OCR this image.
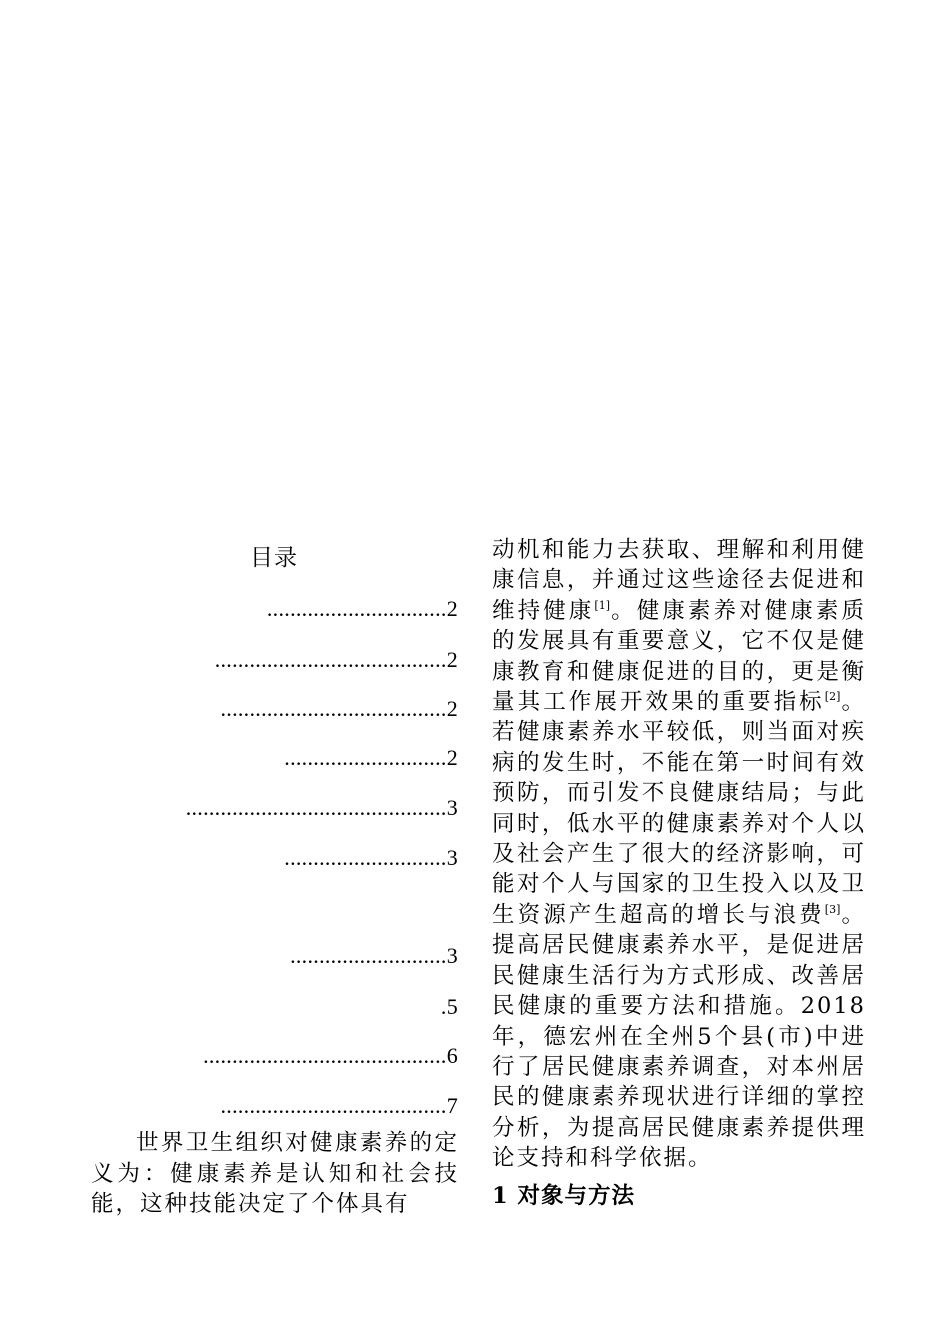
目录
...............................2
........................................2
.......................................2
............................2
.............................................3
............................3
...........................3
.5
..........................................6
.......................................7
世界卫生组织对健康素养的定义为：健康素养是认知和社会技能，这种技能决定了个体具有
动机和能力去获取、理解和利用健康信息，并通过这些途径去促进和维持健康[1]。健康素养对健康素质的发展具有重要意义，它不仅是健康教育和健康促进的目的，更是衡量其工作展开效果的重要指标[2]。若健康素养水平较低，则当面对疾病的发生时，不能在第一时间有效预防，而引发不良健康结局；与此同时，低水平的健康素养对个人以及社会产生了很大的经济影响，可能对个人与国家的卫生投入以及卫生资源产生超高的增长与浪费[3]。提高居民健康素养水平，是促进居民健康生活行为方式形成、改善居民健康的重要方法和措施。2018年，德宏州在全州5个县(市)中进行了居民健康素养调查，对本州居民的健康素养现状进行详细的掌控分析，为提高居民健康素养提供理论支持和科学依据。
1 对象与方法
